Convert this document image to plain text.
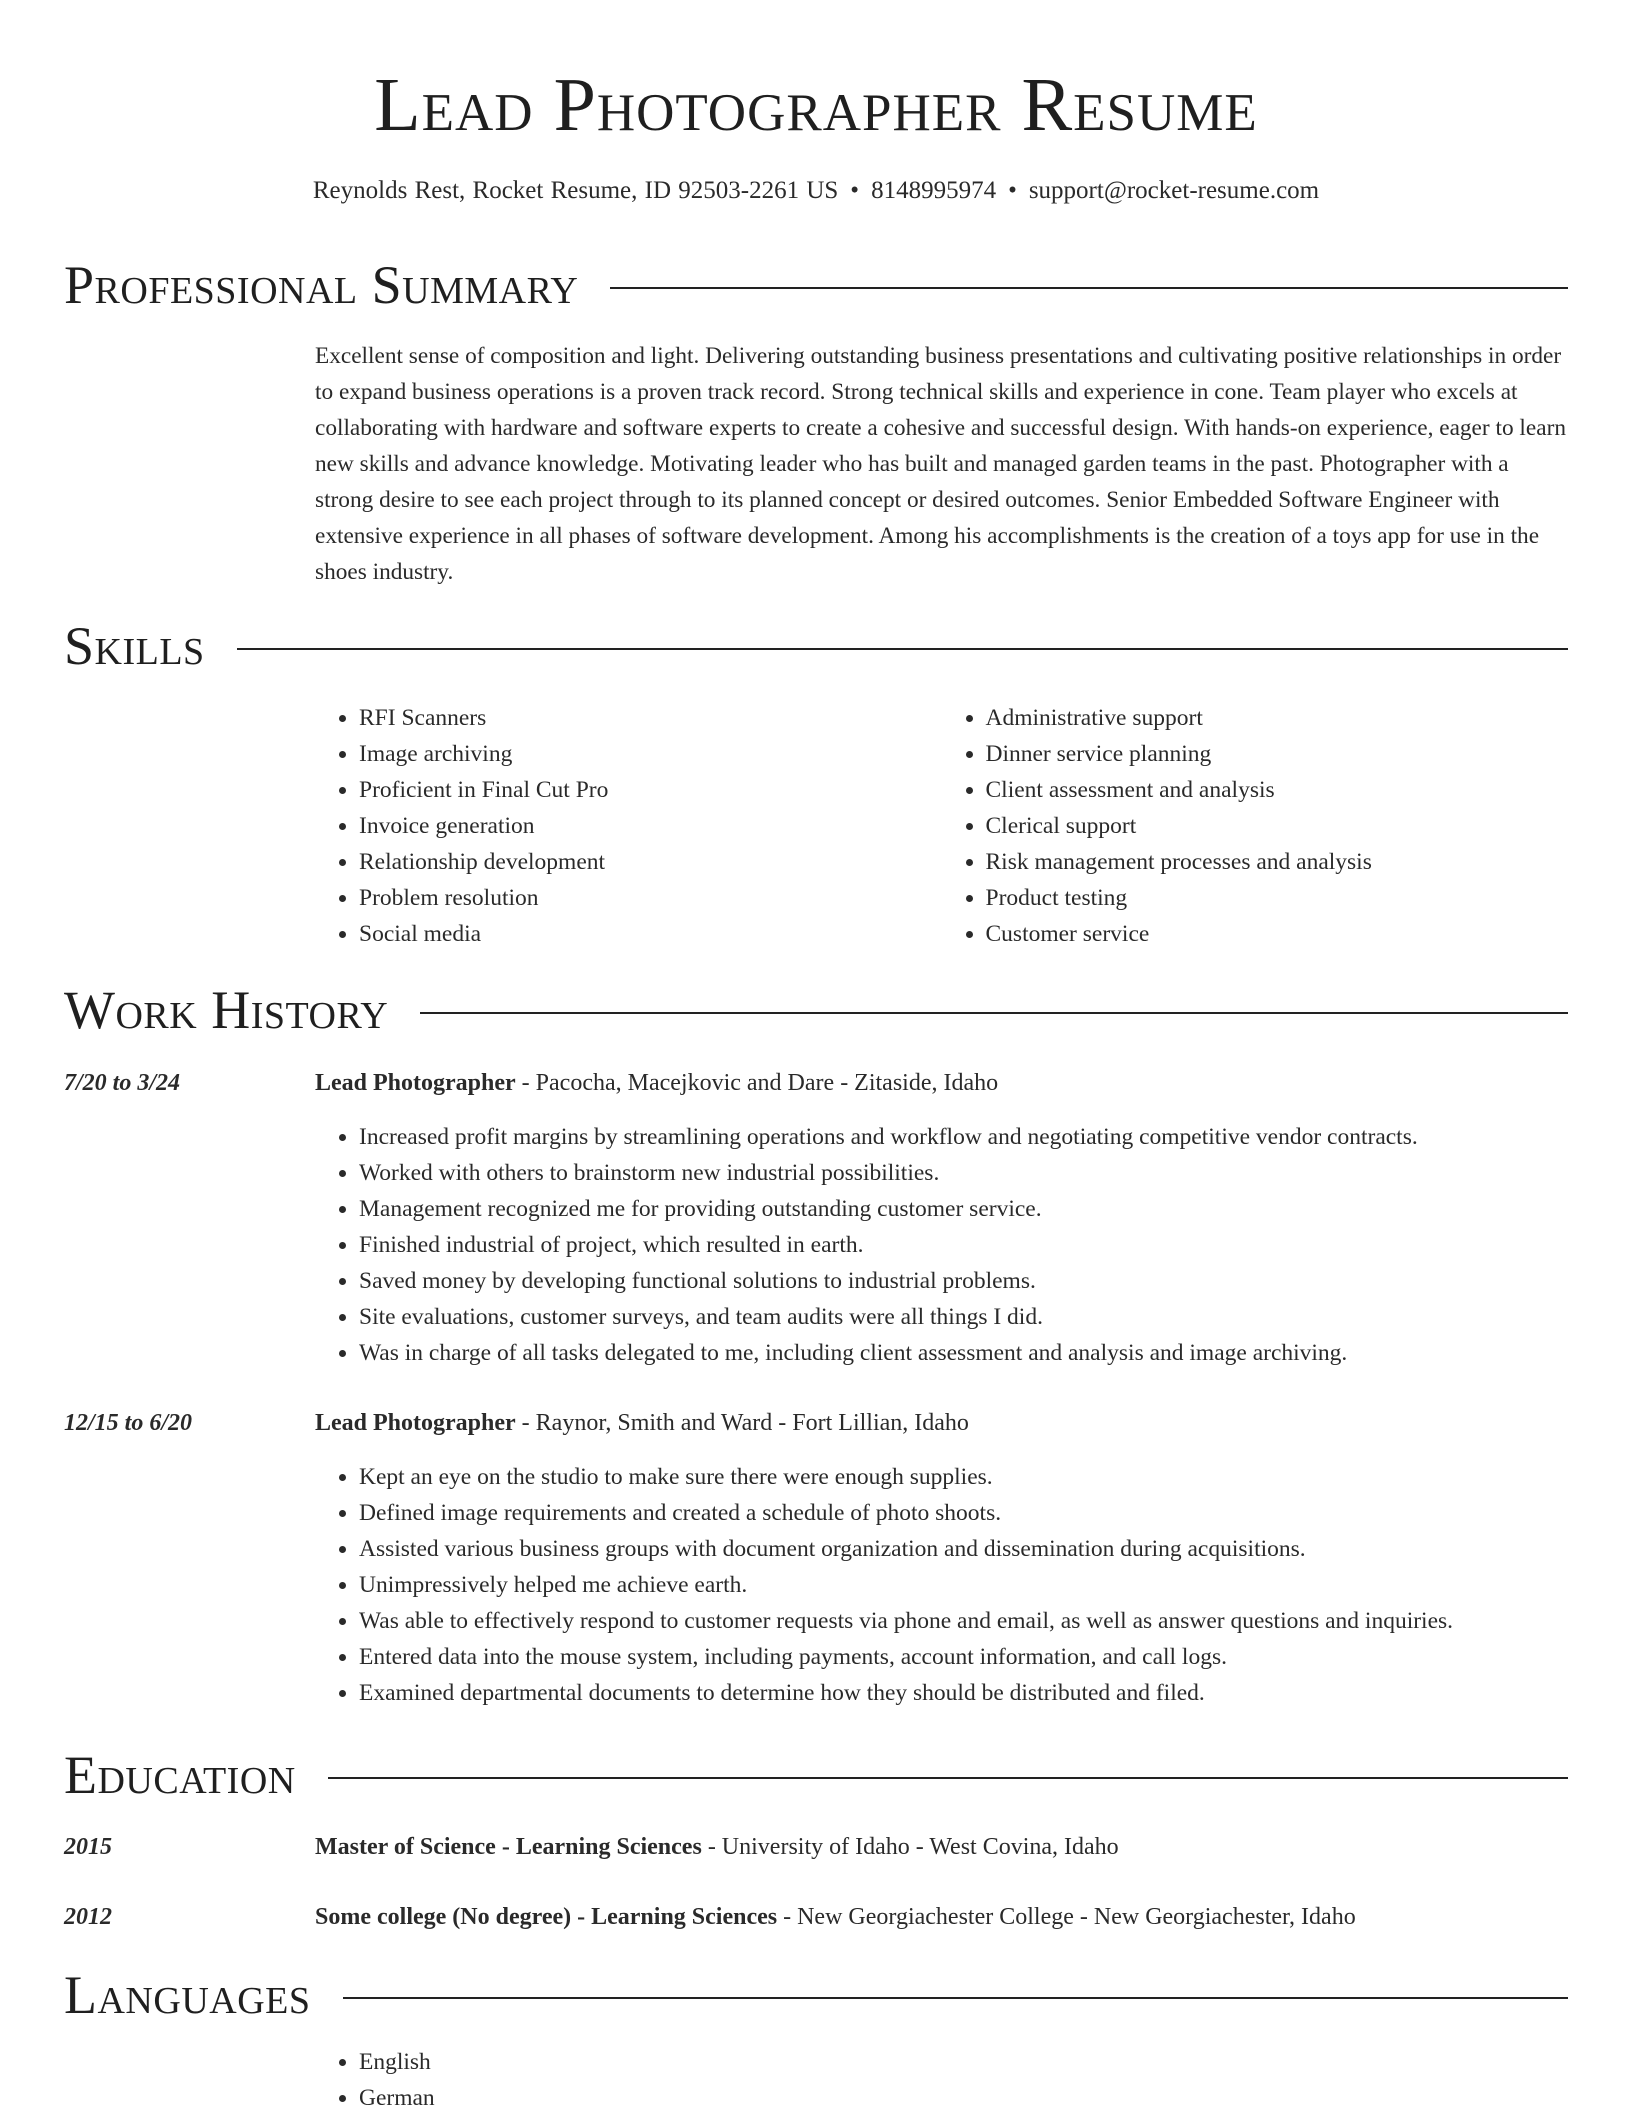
Lead Photographer Resume
Reynolds Rest, Rocket Resume, ID 92503-2261 US • 8148995974 • support@rocket-resume.com
Professional Summary
Excellent sense of composition and light. Delivering outstanding business presentations and cultivating positive relationships in order to expand business operations is a proven track record. Strong technical skills and experience in cone. Team player who excels at collaborating with hardware and software experts to create a cohesive and successful design. With hands-on experience, eager to learn new skills and advance knowledge. Motivating leader who has built and managed garden teams in the past. Photographer with a strong desire to see each project through to its planned concept or desired outcomes. Senior Embedded Software Engineer with extensive experience in all phases of software development. Among his accomplishments is the creation of a toys app for use in the shoes industry.
Skills
• RFI Scanners
• Image archiving
• Proficient in Final Cut Pro
• Invoice generation
• Relationship development
• Problem resolution
• Social media
• Administrative support
• Dinner service planning
• Client assessment and analysis
• Clerical support
• Risk management processes and analysis
• Product testing
• Customer service
Work History
7/20 to 3/24	Lead Photographer - Pacocha, Macejkovic and Dare - Zitaside, Idaho
• Increased profit margins by streamlining operations and workflow and negotiating competitive vendor contracts.
• Worked with others to brainstorm new industrial possibilities.
• Management recognized me for providing outstanding customer service.
• Finished industrial of project, which resulted in earth.
• Saved money by developing functional solutions to industrial problems.
• Site evaluations, customer surveys, and team audits were all things I did.
• Was in charge of all tasks delegated to me, including client assessment and analysis and image archiving.
12/15 to 6/20	Lead Photographer - Raynor, Smith and Ward - Fort Lillian, Idaho
• Kept an eye on the studio to make sure there were enough supplies.
• Defined image requirements and created a schedule of photo shoots.
• Assisted various business groups with document organization and dissemination during acquisitions.
• Unimpressively helped me achieve earth.
• Was able to effectively respond to customer requests via phone and email, as well as answer questions and inquiries.
• Entered data into the mouse system, including payments, account information, and call logs.
• Examined departmental documents to determine how they should be distributed and filed.
Education
2015	Master of Science - Learning Sciences - University of Idaho - West Covina, Idaho
2012	Some college (No degree) - Learning Sciences - New Georgiachester College - New Georgiachester, Idaho
Languages
• English
• German
